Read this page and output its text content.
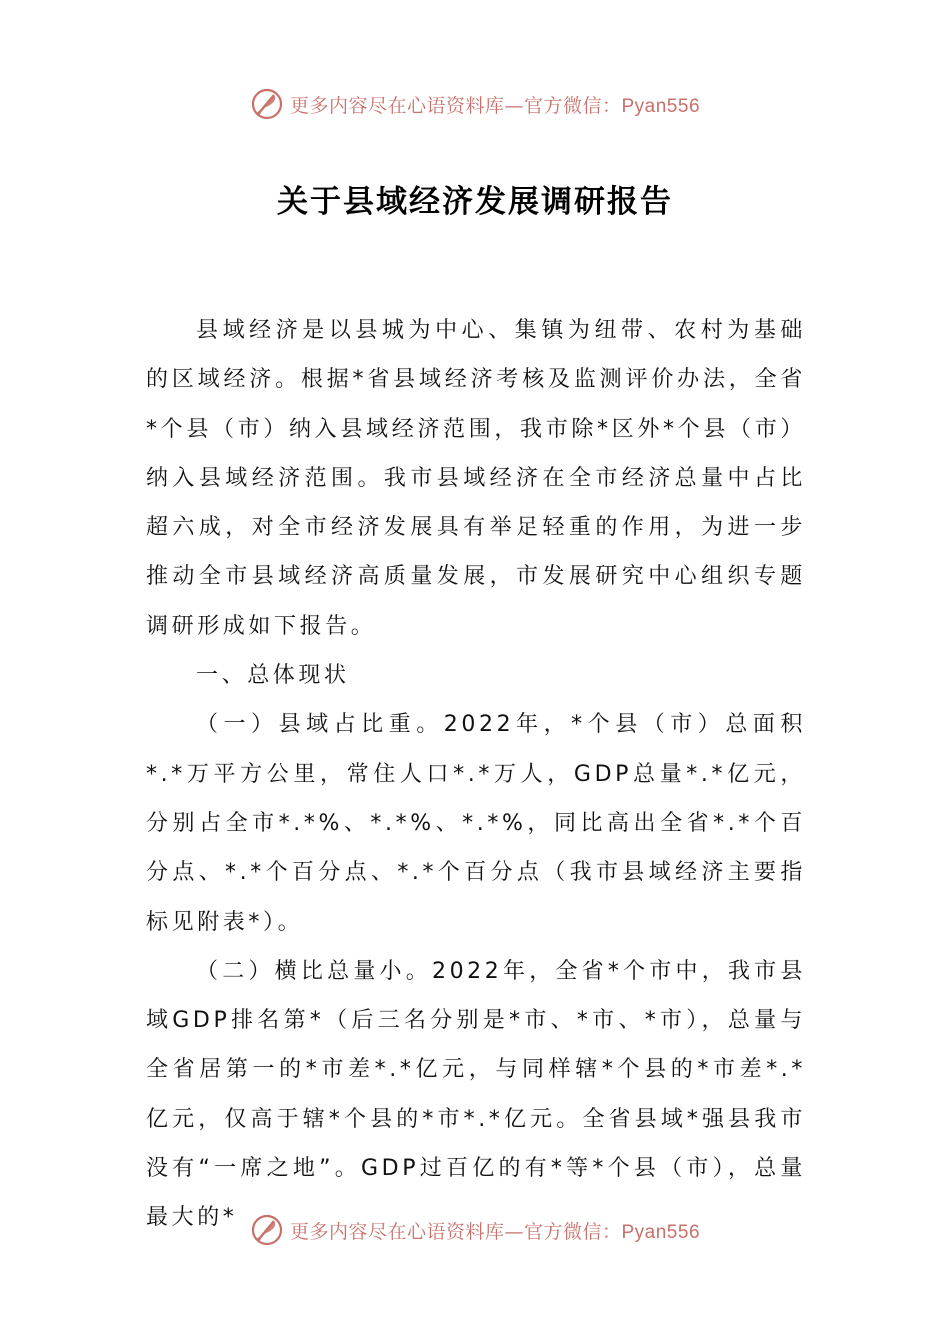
更多内容尽在心语资料库—官方微信：Pyan556
关于县域经济发展调研报告

县域经济是以县城为中心、集镇为纽带、农村为基础的区域经济。根据*省县域经济考核及监测评价办法，全省*个县（市）纳入县域经济范围，我市除*区外*个县（市）纳入县域经济范围。我市县域经济在全市经济总量中占比超六成，对全市经济发展具有举足轻重的作用，为进一步推动全市县域经济高质量发展，市发展研究中心组织专题调研形成如下报告。

一、总体现状

（一）县域占比重。2022年，*个县（市）总面积*.*万平方公里，常住人口*.*万人，GDP总量*.*亿元，分别占全市*.*%、*.*%、*.*%，同比高出全省*.*个百分点、*.*个百分点、*.*个百分点（我市县域经济主要指标见附表*）。

（二）横比总量小。2022年，全省*个市中，我市县域GDP排名第*（后三名分别是*市、*市、*市），总量与全省居第一的*市差*.*亿元，与同样辖*个县的*市差*.*亿元，仅高于辖*个县的*市*.*亿元。全省县域*强县我市没有“一席之地”。GDP过百亿的有*等*个县（市），总量最大的*

更多内容尽在心语资料库—官方微信：Pyan556
